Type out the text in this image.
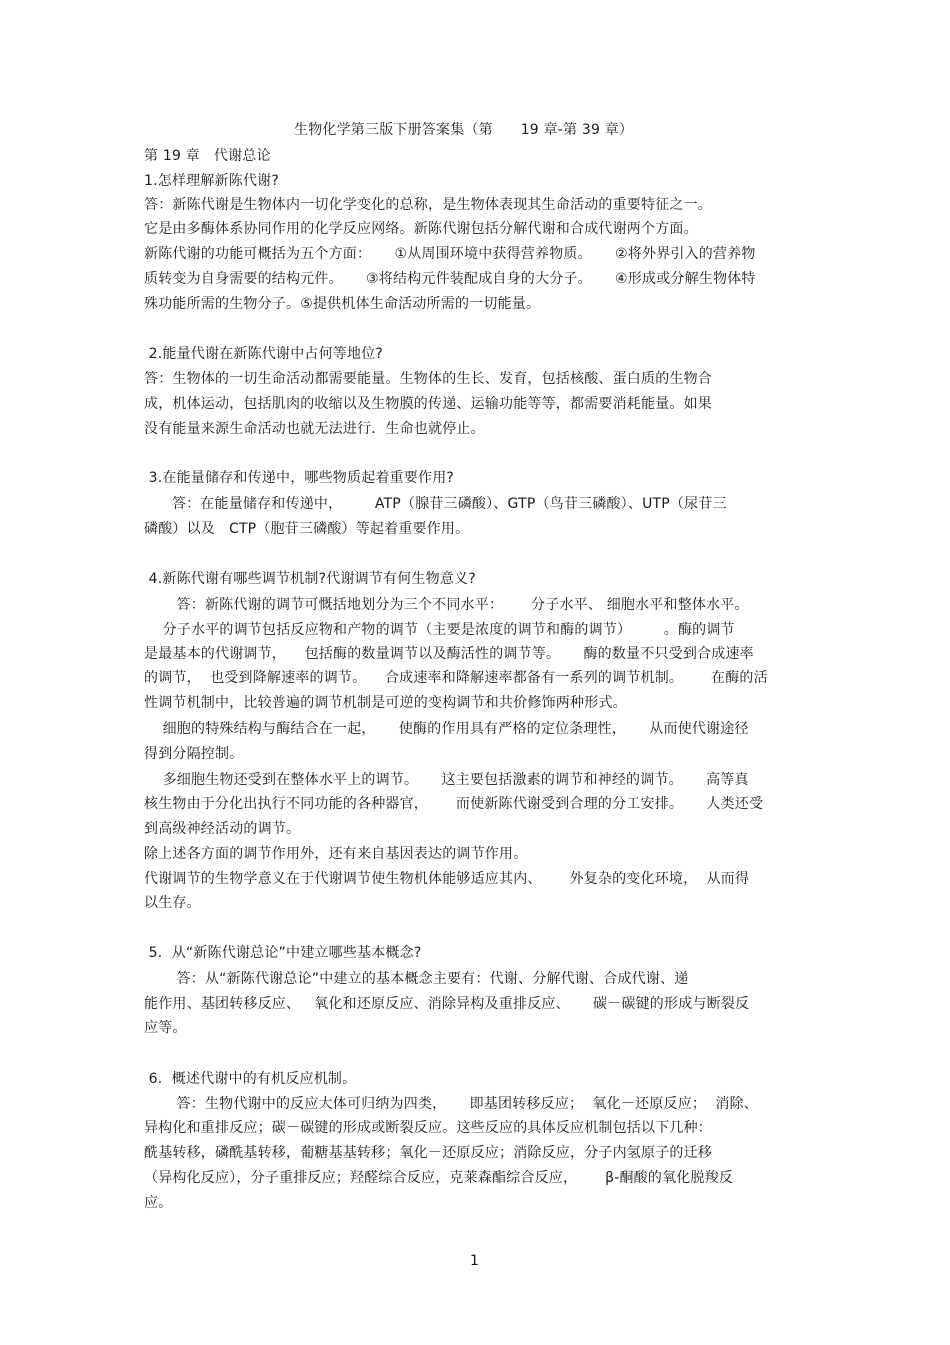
生物化学第三版下册答案集（第      19 章-第 39 章）
第 19 章   代谢总论
1.怎样理解新陈代谢?
答：新陈代谢是生物体内一切化学变化的总称，是生物体表现其生命活动的重要特征之一。
它是由多酶体系协同作用的化学反应网络。新陈代谢包括分解代谢和合成代谢两个方面。
新陈代谢的功能可概括为五个方面：     ①从周围环境中获得营养物质。     ②将外界引入的营养物
质转变为自身需要的结构元件。     ③将结构元件装配成自身的大分子。     ④形成或分解生物体特
殊功能所需的生物分子。⑤提供机体生命活动所需的一切能量。
2.能量代谢在新陈代谢中占何等地位?
答：生物体的一切生命活动都需要能量。生物体的生长、发育，包括核酸、蛋白质的生物合
成，机体运动，包括肌肉的收缩以及生物膜的传递、运输功能等等，都需要消耗能量。如果
没有能量来源生命活动也就无法进行．生命也就停止。
3.在能量储存和传递中，哪些物质起着重要作用?
答：在能量储存和传递中，       ATP（腺苷三磷酸）、GTP（鸟苷三磷酸）、UTP（尿苷三
磷酸）以及   CTP（胞苷三磷酸）等起着重要作用。
4.新陈代谢有哪些调节机制?代谢调节有何生物意义?
答：新陈代谢的调节可慨括地划分为三个不同水平：      分子水平、 细胞水平和整体水平。
分子水平的调节包括反应物和产物的调节（主要是浓度的调节和酶的调节）       。酶的调节
是最基本的代谢调节，    包括酶的数量调节以及酶活性的调节等。     酶的数量不只受到合成速率
的调节，  也受到降解速率的调节。    合成速率和降解速率都备有一系列的调节机制。      在酶的活
性调节机制中，比较普遍的调节机制是可逆的变构调节和共价修饰两种形式。
细胞的特殊结构与酶结合在一起，     使酶的作用具有严格的定位条理性，     从而使代谢途径
得到分隔控制。
多细胞生物还受到在整体水平上的调节。     这主要包括激素的调节和神经的调节。     高等真
核生物由于分化出执行不同功能的各种器官，      而使新陈代谢受到合理的分工安排。     人类还受
到高级神经活动的调节。
除上述各方面的调节作用外，还有来自基因表达的调节作用。
代谢调节的生物学意义在于代谢调节使生物机体能够适应其内、      外复杂的变化环境，  从而得
以生存。
5.  从“新陈代谢总论”中建立哪些基本概念?
答：从“新陈代谢总论”中建立的基本概念主要有：代谢、分解代谢、合成代谢、递
能作用、基团转移反应、   氧化和还原反应、消除异构及重排反应、     碳－碳键的形成与断裂反
应等。
6.  概述代谢中的有机反应机制。
答：生物代谢中的反应大体可归纳为四类，     即基团转移反应；  氧化－还原反应；  消除、
异构化和重排反应；碳－碳键的形成或断裂反应。这些反应的具体反应机制包括以下几种：
酰基转移，磷酰基转移，葡糖基基转移；氧化－还原反应；消除反应，分子内氢原子的迁移
（异构化反应），分子重排反应；羟醛综合反应，克莱森酯综合反应，      β-酮酸的氧化脱羧反
应。
1
